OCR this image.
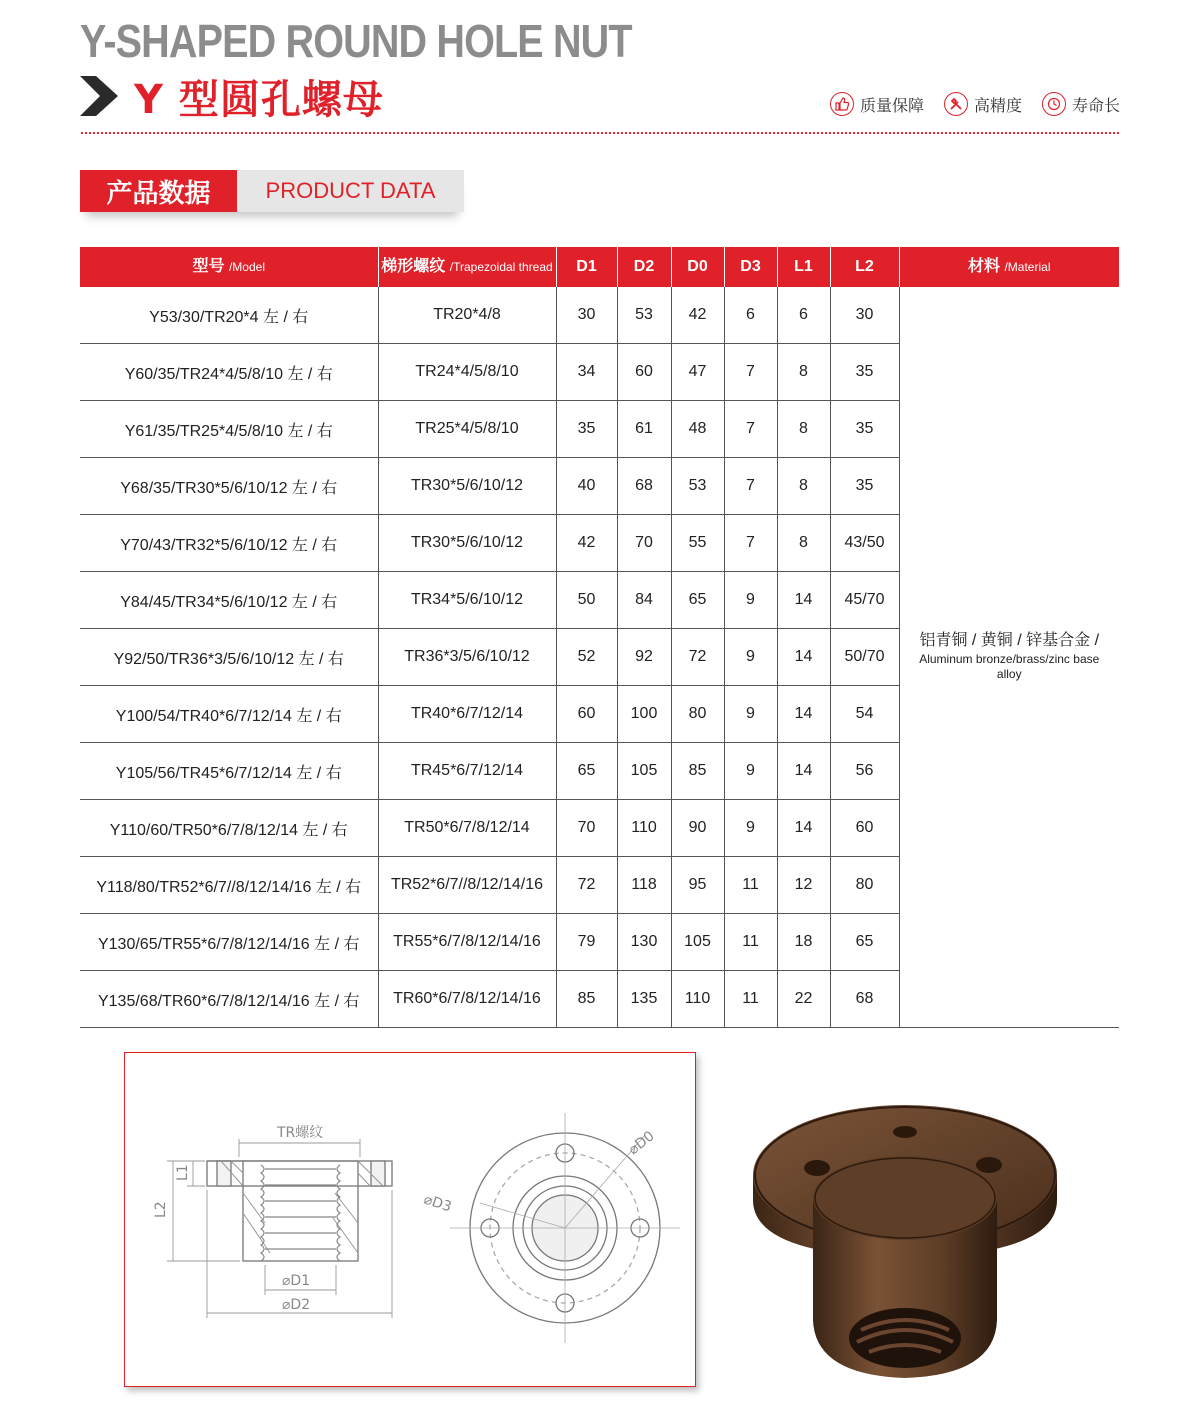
Y-SHAPED ROUND HOLE NUT
Y 型圆孔螺母	质量保障	高精度	寿命长
产品数据	PRODUCT DATA
型号 /Model	梯形螺纹 /Trapezoidal thread	D1	D2	D0	D3	L1	L2	材料 /Material
Y53/30/TR20*4 左 / 右	TR20*4/8	30	53	42	6	6	30	铝青铜 / 黄铜 / 锌基合金 /
Aluminum bronze/brass/zinc base alloy

Y60/35/TR24*4/5/8/10 左 / 右	TR24*4/5/8/10	34	60	47	7	8	35	
Y61/35/TR25*4/5/8/10 左 / 右	TR25*4/5/8/10	35	61	48	7	8	35	
Y68/35/TR30*5/6/10/12 左 / 右	TR30*5/6/10/12	40	68	53	7	8	35	
Y70/43/TR32*5/6/10/12 左 / 右	TR30*5/6/10/12	42	70	55	7	8	43/50	
Y84/45/TR34*5/6/10/12 左 / 右	TR34*5/6/10/12	50	84	65	9	14	45/70	
Y92/50/TR36*3/5/6/10/12 左 / 右	TR36*3/5/6/10/12	52	92	72	9	14	50/70	
Y100/54/TR40*6/7/12/14 左 / 右	TR40*6/7/12/14	60	100	80	9	14	54	
Y105/56/TR45*6/7/12/14 左 / 右	TR45*6/7/12/14	65	105	85	9	14	56	
Y110/60/TR50*6/7/8/12/14 左 / 右	TR50*6/7/8/12/14	70	110	90	9	14	60	
Y118/80/TR52*6/7//8/12/14/16 左 / 右	TR52*6/7//8/12/14/16	72	118	95	11	12	80	
Y130/65/TR55*6/7/8/12/14/16 左 / 右	TR55*6/7/8/12/14/16	79	130	105	11	18	65	
Y135/68/TR60*6/7/8/12/14/16 左 / 右	TR60*6/7/8/12/14/16	85	135	110	11	22	68	
TR螺纹
⌀D1
⌀D2
L2
L1
⌀D0
⌀D3
